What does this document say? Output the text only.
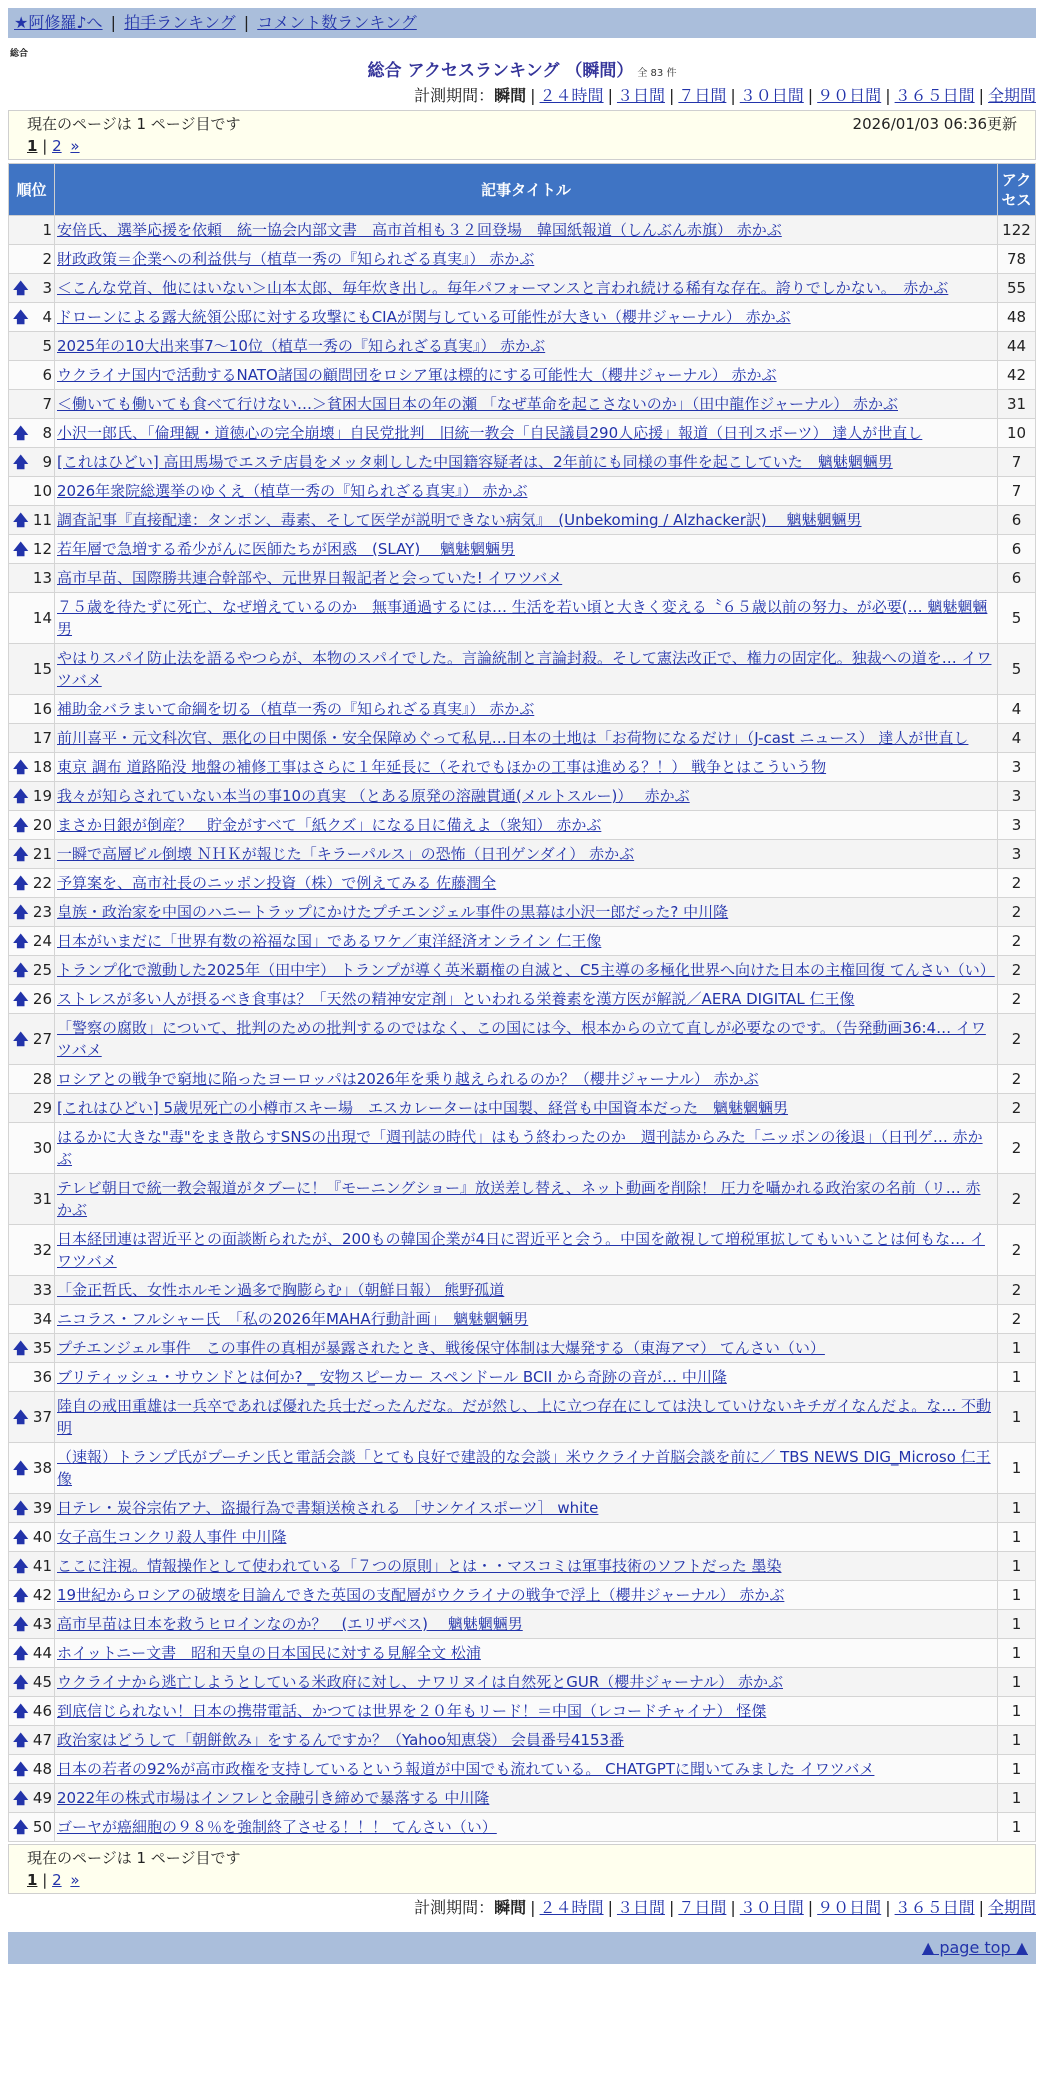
★阿修羅♪へ | 拍手ランキング | コメント数ランキング
総合
総合 アクセスランキング （瞬間） 全 83 件
計測期間：瞬間 | ２４時間 | ３日間 | ７日間 | ３０日間 | ９０日間 | ３６５日間 | 全期間
現在のページは 1 ページ目です	2026/01/03 06:36更新
1 | 2 »
順位	記事タイトル	アクセス
1	安倍氏、選挙応援を依頼　統一協会内部文書　高市首相も３２回登場　韓国紙報道（しんぶん赤旗） 赤かぶ	122
2	財政政策＝企業への利益供与（植草一秀の『知られざる真実』） 赤かぶ	78

🡅 3	＜こんな党首、他にはいない＞山本太郎、毎年炊き出し。毎年パフォーマンスと言われ続ける稀有な存在。誇りでしかない。　赤かぶ	55

🡅 4	ドローンによる露大統領公邸に対する攻撃にもCIAが関与している可能性が大きい（櫻井ジャーナル） 赤かぶ	48
5	2025年の10大出来事7～10位（植草一秀の『知られざる真実』） 赤かぶ	44
6	ウクライナ国内で活動するNATO諸国の顧問団をロシア軍は標的にする可能性大（櫻井ジャーナル） 赤かぶ	42
7	＜働いても働いても食べて行けない…＞貧困大国日本の年の瀬 「なぜ革命を起こさないのか」（田中龍作ジャーナル） 赤かぶ	31

🡅 8	小沢一郎氏、「倫理観・道徳心の完全崩壊」自民党批判　旧統一教会「自民議員290人応援」報道（日刊スポーツ） 達人が世直し	10

🡅 9	[これはひどい] 高田馬場でエステ店員をメッタ刺しした中国籍容疑者は、2年前にも同様の事件を起こしていた　魑魅魍魎男	7
10	2026年衆院総選挙のゆくえ（植草一秀の『知られざる真実』） 赤かぶ	7

🡅 11	調査記事『直接配達：タンポン、毒素、そして医学が説明できない病気』　(Unbekoming / Alzhacker訳)　 魑魅魍魎男	6

🡅 12	若年層で急増する希少がんに医師たちが困惑　(SLAY)　 魑魅魍魎男	6
13	高市早苗、国際勝共連合幹部や、元世界日報記者と会っていた! イワツバメ	6
14	７５歳を待たずに死亡、なぜ増えているのか　無事通過するには… 生活を若い頃と大きく変える〝６５歳以前の努力〟が必要(… 魑魅魍魎男	5
15	やはりスパイ防止法を語るやつらが、本物のスパイでした。言論統制と言論封殺。そして憲法改正で、権力の固定化。独裁への道を… イワツバメ	5
16	補助金バラまいて命綱を切る（植草一秀の『知られざる真実』） 赤かぶ	4
17	前川喜平・元文科次官、悪化の日中関係・安全保障めぐって私見…日本の土地は「お荷物になるだけ」（J-cast ニュース） 達人が世直し	4

🡅 18	東京 調布 道路陥没 地盤の補修工事はさらに１年延長に（それでもほかの工事は進める？！） 戦争とはこういう物	3

🡅 19	我々が知らされていない本当の事10の真実 （とある原発の溶融貫通(メルトスルー)）　 赤かぶ	3

🡅 20	まさか日銀が倒産？　貯金がすべて「紙クズ」になる日に備えよ（衆知） 赤かぶ	3

🡅 21	一瞬で高層ビル倒壊 ＮＨＫが報じた「キラーパルス」の恐怖（日刊ゲンダイ） 赤かぶ	3

🡅 22	予算案を、高市社長のニッポン投資（株）で例えてみる 佐藤潤全	2

🡅 23	皇族・政治家を中国のハニートラップにかけたプチエンジェル事件の黒幕は小沢一郎だった? 中川隆	2

🡅 24	日本がいまだに「世界有数の裕福な国」であるワケ／東洋経済オンライン 仁王像	2

🡅 25	トランプ化で激動した2025年（田中宇） トランプが導く英米覇権の自滅と、C5主導の多極化世界へ向けた日本の主権回復 てんさい（い）	2

🡅 26	ストレスが多い人が摂るべき食事は？「天然の精神安定剤」といわれる栄養素を漢方医が解説／AERA DIGITAL 仁王像	2

🡅 27	「警察の腐敗」について、批判のための批判するのではなく、この国には今、根本からの立て直しが必要なのです。（告発動画36:4… イワツバメ	2
28	ロシアとの戦争で窮地に陥ったヨーロッパは2026年を乗り越えられるのか？（櫻井ジャーナル） 赤かぶ	2
29	[これはひどい] 5歳児死亡の小樽市スキー場　エスカレーターは中国製、経営も中国資本だった　魑魅魍魎男	2
30	はるかに大きな"毒"をまき散らすSNSの出現で「週刊誌の時代」はもう終わったのか　週刊誌からみた「ニッポンの後退」（日刊ゲ… 赤かぶ	2
31	テレビ朝日で統一教会報道がタブーに！『モーニングショー』放送差し替え、ネット動画を削除！ 圧力を囁かれる政治家の名前（リ… 赤かぶ	2
32	日本経団連は習近平との面談断られたが、200もの韓国企業が4日に習近平と会う。中国を敵視して増税軍拡してもいいことは何もな… イワツバメ	2
33	「金正哲氏、女性ホルモン過多で胸膨らむ」（朝鮮日報） 熊野孤道	2
34	ニコラス・フルシャー氏　「私の2026年MAHA行動計画」　魑魅魍魎男	2

🡅 35	プチエンジェル事件　この事件の真相が暴露されたとき、戦後保守体制は大爆発する（東海アマ） てんさい（い）	1
36	ブリティッシュ・サウンドとは何か? _ 安物スピーカー スペンドール BCII から奇跡の音が… 中川隆	1

🡅 37	陸自の戒田重雄は一兵卒であれば優れた兵士だったんだな。だが然し、上に立つ存在にしては決していけないキチガイなんだよ。な… 不動明	1

🡅 38	（速報）トランプ氏がプーチン氏と電話会談「とても良好で建設的な会談」米ウクライナ首脳会談を前に／ TBS NEWS DIG_Microso 仁王像	1

🡅 39	日テレ・炭谷宗佑アナ、盗撮行為で書類送検される ［サンケイスポーツ］ white	1

🡅 40	女子高生コンクリ殺人事件 中川隆	1

🡅 41	ここに注視。情報操作として使われている「７つの原則」とは・・マスコミは軍事技術のソフトだった 墨染	1

🡅 42	19世紀からロシアの破壊を目論んできた英国の支配層がウクライナの戦争で浮上（櫻井ジャーナル） 赤かぶ	1

🡅 43	高市早苗は日本を救うヒロインなのか？　(エリザベス)　 魑魅魍魎男	1

🡅 44	ホイットニー文書　昭和天皇の日本国民に対する見解全文 松浦	1

🡅 45	ウクライナから逃亡しようとしている米政府に対し、ナワリヌイは自然死とGUR（櫻井ジャーナル） 赤かぶ	1

🡅 46	到底信じられない！日本の携帯電話、かつては世界を２０年もリード！＝中国（レコードチャイナ） 怪傑	1

🡅 47	政治家はどうして「朝餅飲み」をするんですか？（Yahoo知恵袋） 会員番号4153番	1

🡅 48	日本の若者の92%が高市政権を支持しているという報道が中国でも流れている。 CHATGPTに聞いてみました イワツバメ	1

🡅 49	2022年の株式市場はインフレと金融引き締めで暴落する 中川隆	1

🡅 50	ゴーヤが癌細胞の９８％を強制終了させる！！！ てんさい（い）	1
現在のページは 1 ページ目です
1 | 2 »
計測期間：瞬間 | ２４時間 | ３日間 | ７日間 | ３０日間 | ９０日間 | ３６５日間 | 全期間
▲ page top ▲
